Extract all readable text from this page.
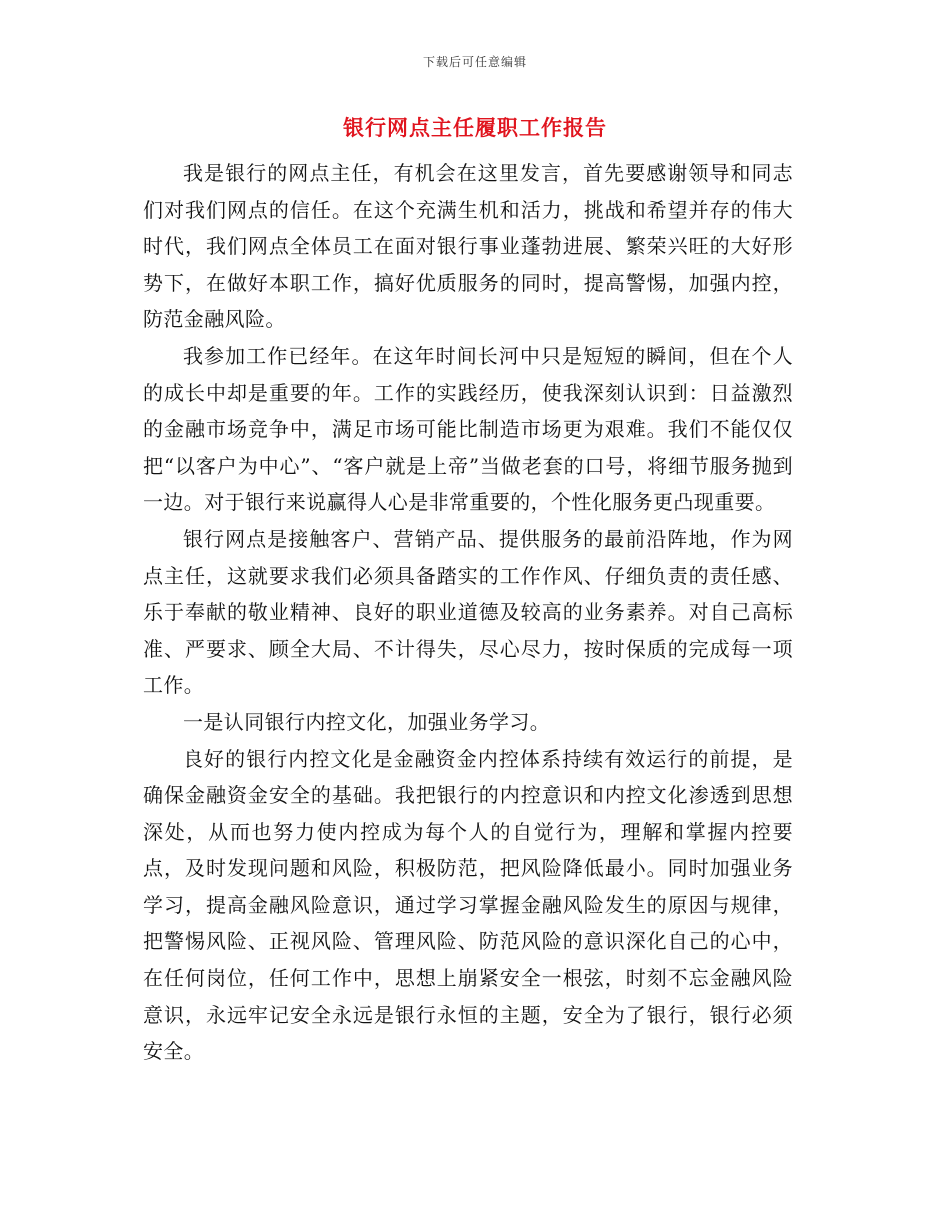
下载后可任意编辑
银行网点主任履职工作报告

我是银行的网点主任，有机会在这里发言，首先要感谢领导和同志们对我们网点的信任。在这个充满生机和活力，挑战和希望并存的伟大时代，我们网点全体员工在面对银行事业蓬勃进展、繁荣兴旺的大好形势下，在做好本职工作，搞好优质服务的同时，提高警惕，加强内控，防范金融风险。

我参加工作已经年。在这年时间长河中只是短短的瞬间，但在个人的成长中却是重要的年。工作的实践经历，使我深刻认识到：日益激烈的金融市场竞争中，满足市场可能比制造市场更为艰难。我们不能仅仅把“以客户为中心”、“客户就是上帝”当做老套的口号，将细节服务抛到一边。对于银行来说赢得人心是非常重要的，个性化服务更凸现重要。

银行网点是接触客户、营销产品、提供服务的最前沿阵地，作为网点主任，这就要求我们必须具备踏实的工作作风、仔细负责的责任感、乐于奉献的敬业精神、良好的职业道德及较高的业务素养。对自己高标准、严要求、顾全大局、不计得失，尽心尽力，按时保质的完成每一项工作。

一是认同银行内控文化，加强业务学习。

良好的银行内控文化是金融资金内控体系持续有效运行的前提，是确保金融资金安全的基础。我把银行的内控意识和内控文化渗透到思想深处，从而也努力使内控成为每个人的自觉行为，理解和掌握内控要点，及时发现问题和风险，积极防范，把风险降低最小。同时加强业务学习，提高金融风险意识，通过学习掌握金融风险发生的原因与规律，把警惕风险、正视风险、管理风险、防范风险的意识深化自己的心中，在任何岗位，任何工作中，思想上崩紧安全一根弦，时刻不忘金融风险意识，永远牢记安全永远是银行永恒的主题，安全为了银行，银行必须安全。
